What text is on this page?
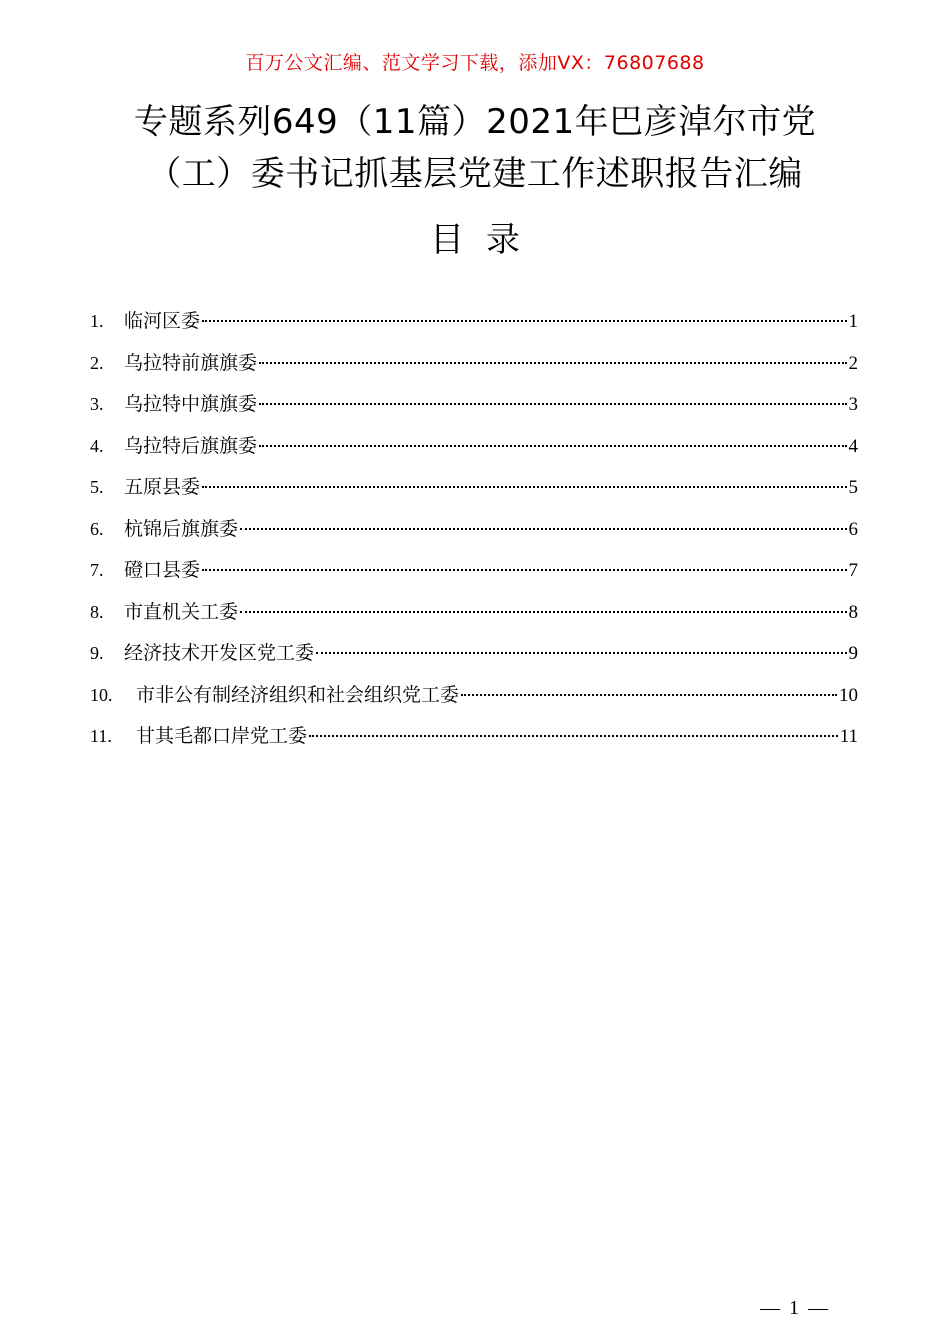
百万公文汇编、范文学习下载，添加VX：76807688
专题系列649（11篇）2021年巴彦淖尔市党
（工）委书记抓基层党建工作述职报告汇编
目录
1.	临河区委	1
2.	乌拉特前旗旗委	2
3.	乌拉特中旗旗委	3
4.	乌拉特后旗旗委	4
5.	五原县委	5
6.	杭锦后旗旗委	6
7.	磴口县委	7
8.	市直机关工委	8
9.	经济技术开发区党工委	9
10.	市非公有制经济组织和社会组织党工委	10
11.	甘其毛都口岸党工委	11
— 1 —
